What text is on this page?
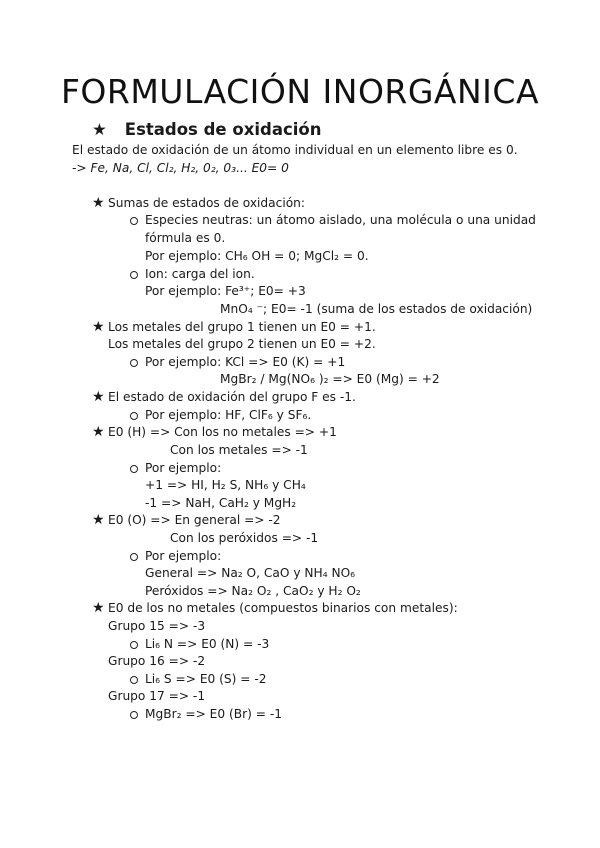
FORMULACIÓN INORGÁNICA
★ Estados de oxidación
El estado de oxidación de un átomo individual en un elemento libre es 0.
-> Fe, Na, Cl, Cl₂, H₂, 0₂, 0₃... E0= 0
★ Sumas de estados de oxidación:
Especies neutras: un átomo aislado, una molécula o una unidad
fórmula es 0.
Por ejemplo: CH₆ OH = 0; MgCl₂ = 0.
Ion: carga del ion.
Por ejemplo: Fe³⁺; E0= +3
MnO₄ ⁻; E0= -1 (suma de los estados de oxidación)
★ Los metales del grupo 1 tienen un E0 = +1.
Los metales del grupo 2 tienen un E0 = +2.
Por ejemplo: KCl => E0 (K) = +1
MgBr₂ / Mg(NO₆ )₂ => E0 (Mg) = +2
★ El estado de oxidación del grupo F es -1.
Por ejemplo: HF, ClF₆ y SF₆.
★ E0 (H) => Con los no metales => +1
Con los metales => -1
Por ejemplo:
+1 => HI, H₂ S, NH₆ y CH₄
-1 => NaH, CaH₂ y MgH₂
★ E0 (O) => En general => -2
Con los peróxidos => -1
Por ejemplo:
General => Na₂ O, CaO y NH₄ NO₆
Peróxidos => Na₂ O₂ , CaO₂ y H₂ O₂
★ E0 de los no metales (compuestos binarios con metales):
Grupo 15 => -3
Li₆ N => E0 (N) = -3
Grupo 16 => -2
Li₆ S => E0 (S) = -2
Grupo 17 => -1
MgBr₂ => E0 (Br) = -1
